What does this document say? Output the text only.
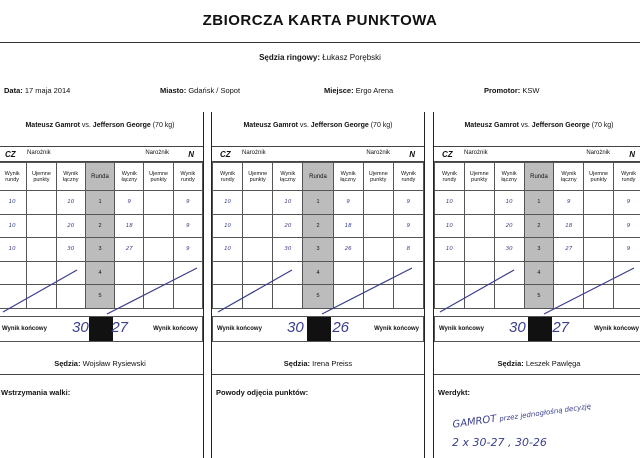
ZBIORCZA KARTA PUNKTOWA
Sędzia ringowy: Łukasz Porębski
Data: 17 maja 2014	Miasto: Gdańsk / Sopot	Miejsce: Ergo Arena	Promotor: KSW
Mateusz Gamrot vs. Jefferson George (70 kg)
CZ Narożnik	Narożnik N
Wynik rundy	Ujemne punkty	Wynik łączny	Runda	Wynik łączny	Ujemne punkty	Wynik rundy
10		10	1	9		9
10		20	2	18		9
10		30	3	27		9
			4			
			5			
Wynik końcowy 30 27	Wynik końcowy
Sędzia: Wojsław Rysiewski
Wstrzymania walki:
Mateusz Gamrot vs. Jefferson George (70 kg)
CZ Narożnik	Narożnik N
Wynik rundy	Ujemne punkty	Wynik łączny	Runda	Wynik łączny	Ujemne punkty	Wynik rundy
10		10	1	9		9
10		20	2	18		9
10		30	3	26		8
			4			
			5			
Wynik końcowy 30 26	Wynik końcowy
Sędzia: Irena Preiss
Powody odjęcia punktów:
Mateusz Gamrot vs. Jefferson George (70 kg)
CZ Narożnik	Narożnik N
Wynik rundy	Ujemne punkty	Wynik łączny	Runda	Wynik łączny	Ujemne punkty	Wynik rundy
10		10	1	9		9
10		20	2	18		9
10		30	3	27		9
			4			
			5			
Wynik końcowy 30 27	Wynik końcowy
Sędzia: Leszek Pawlęga
Werdykt:
GAMROT przez jednogłośną decyzję
2 x 30-27 , 30-26
